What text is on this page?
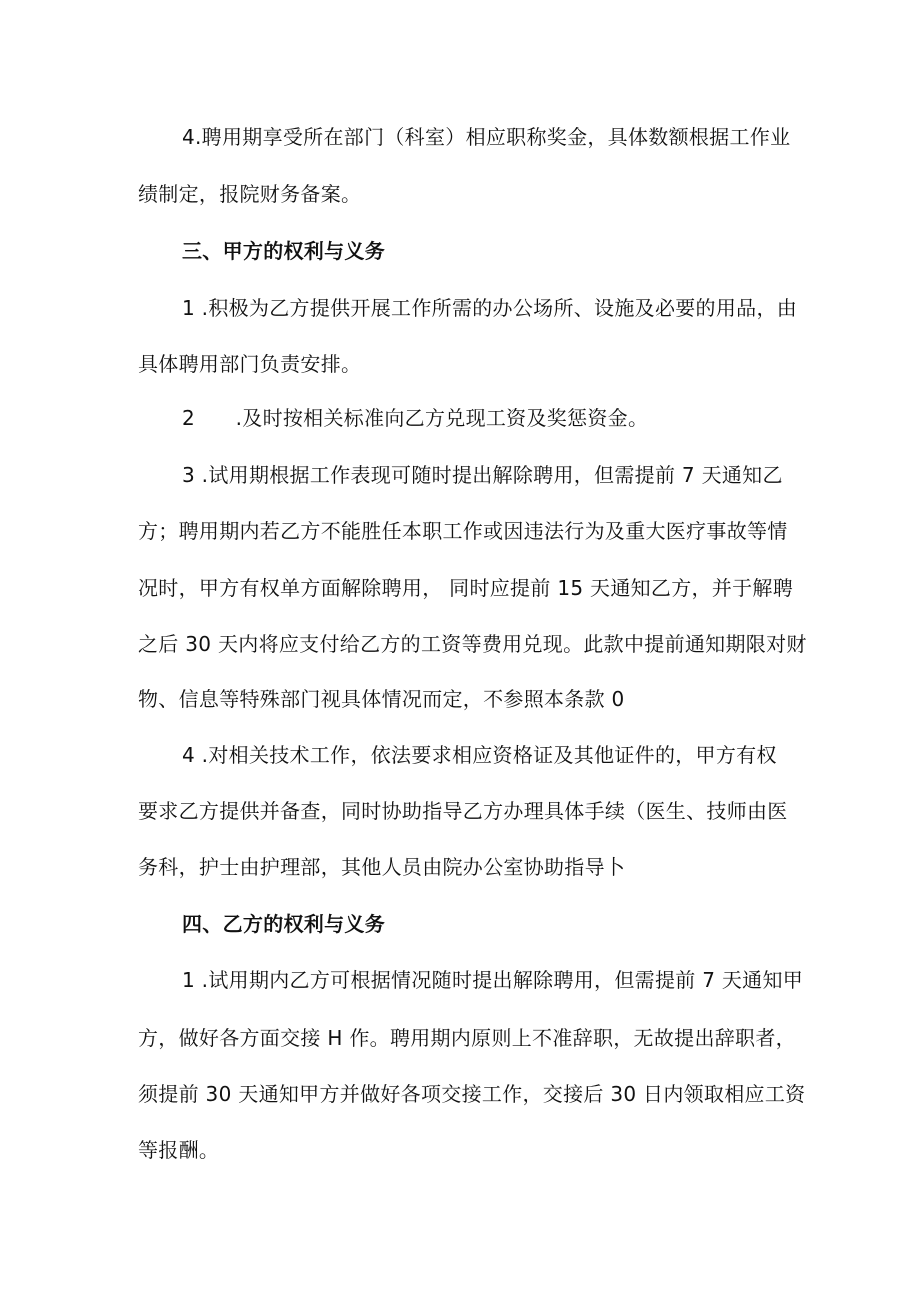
4.聘用期享受所在部门（科室）相应职称奖金，具体数额根据工作业
绩制定，报院财务备案。
三、甲方的权利与义务
1 .积极为乙方提供开展工作所需的办公场所、设施及必要的用品，由
具体聘用部门负责安排。
2　　.及时按相关标准向乙方兑现工资及奖惩资金。
3 .试用期根据工作表现可随时提出解除聘用，但需提前 7 天通知乙
方；聘用期内若乙方不能胜任本职工作或因违法行为及重大医疗事故等情
况时，甲方有权单方面解除聘用， 同时应提前 15 天通知乙方，并于解聘
之后 30 天内将应支付给乙方的工资等费用兑现。此款中提前通知期限对财
物、信息等特殊部门视具体情况而定，不参照本条款 0
4 .对相关技术工作，依法要求相应资格证及其他证件的，甲方有权
要求乙方提供并备查，同时协助指导乙方办理具体手续（医生、技师由医
务科，护士由护理部，其他人员由院办公室协助指导卜
四、乙方的权利与义务
1 .试用期内乙方可根据情况随时提出解除聘用，但需提前 7 天通知甲
方，做好各方面交接 H 作。聘用期内原则上不准辞职，无故提出辞职者，
须提前 30 天通知甲方并做好各项交接工作，交接后 30 日内领取相应工资
等报酬。
